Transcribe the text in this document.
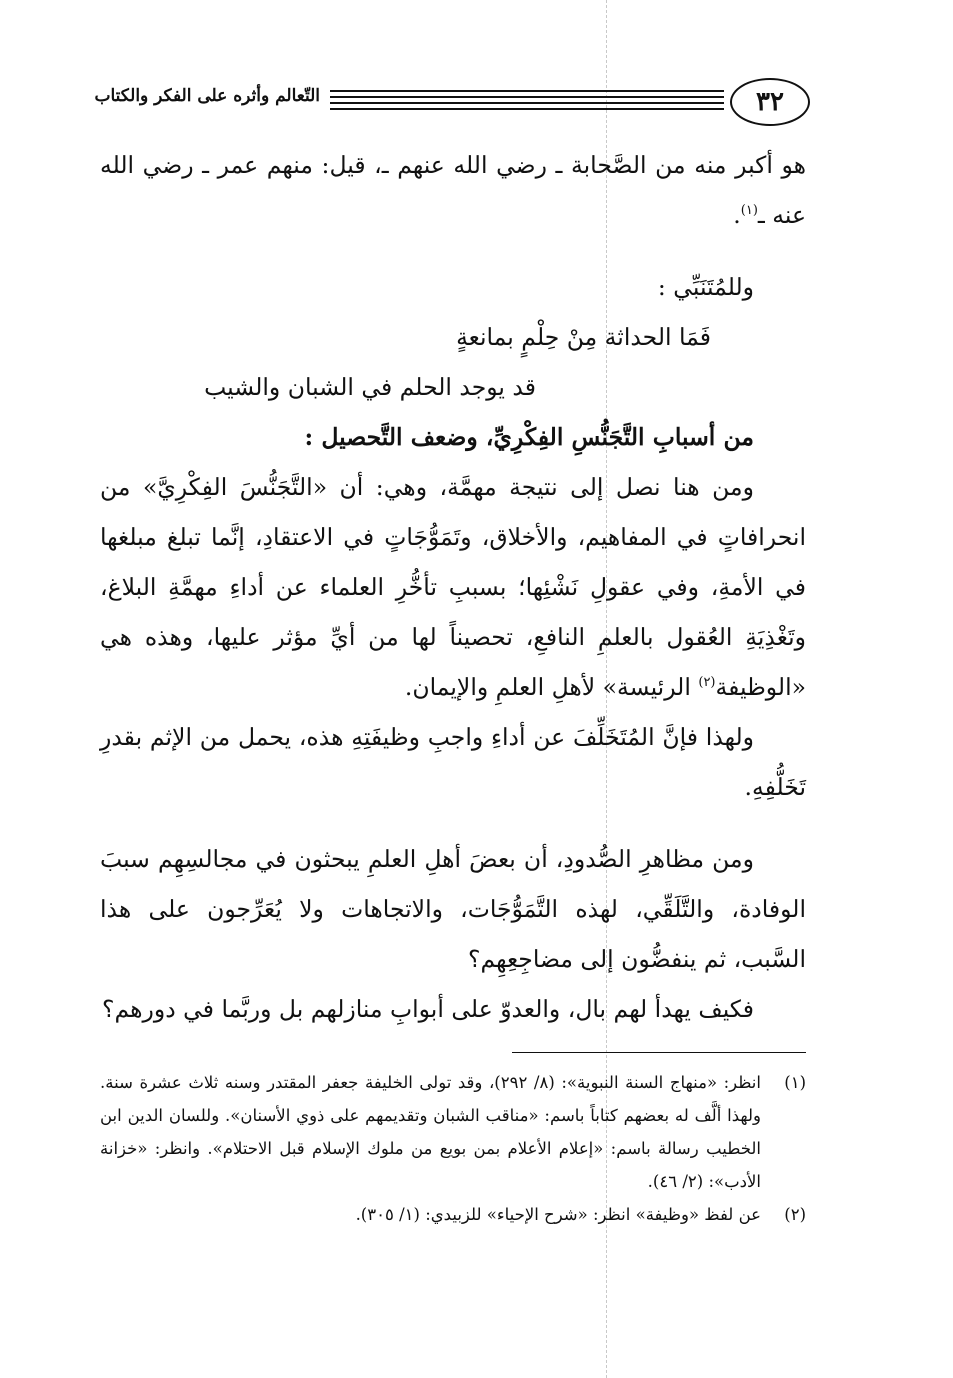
التّعالم وأثره على الفكر والكتاب	٣٢

هو أكبر منه من الصَّحابة ـ رضي الله عنهم ـ، قيل: منهم عمر ـ رضي الله عنه ـ$^{(١)}$.

وللمُتَنَبِّي :

فَمَا الحداثة مِنْ حِلْمٍ بمانعةٍ

قد يوجد الحلم في الشبان والشيب

من أسبابِ التَّجَنُّسِ الفِكْرِيِّ، وضعف التَّحصيل :

ومن هنا نصل إلى نتيجة مهمَّة، وهي: أن «التَّجَنُّسَ الفِكْرِيَّ» من انحرافاتٍ في المفاهيم، والأخلاق، وتَمَوُّجَاتٍ في الاعتقادِ، إنَّما تبلغ مبلغها في الأمةِ، وفي عقولِ نَشْئِها؛ بسببِ تأخُّرِ العلماء عن أداءِ مهمَّةِ البلاغ، وتَغْذِيَةِ العُقول بالعلمِ النافعِ، تحصيناً لها من أيِّ مؤثر عليها، وهذه هي «الوظيفة$^{(٢)}$ الرئيسة» لأهلِ العلمِ والإيمان.

ولهذا فإنَّ المُتَخَلِّفَ عن أداءِ واجبِ وظيفَتِهِ هذه، يحمل من الإثم بقدرِ تَخَلُّفِهِ.

ومن مظاهرِ الصُّدودِ، أن بعضَ أهلِ العلمِ يبحثون في مجالسِهِم سببَ الوفادة، والتَّلَقِّي، لهذه التَّمَوُّجَات، والاتجاهات ولا يُعَرِّجون على هذا السَّبب، ثم ينفضُّون إلى مضاجِعِهِم؟

فكيف يهدأ لهم بال، والعدوّ على أبوابِ منازلهم بل وربَّما في دورهم؟

(١)
انظر: «منهاج السنة النبوية»: (٨/ ٢٩٢)، وقد تولى الخليفة جعفر المقتدر وسنه ثلاث عشرة سنة. ولهذا ألَّف له بعضهم كتاباً باسم: «مناقب الشبان وتقديمهم على ذوي الأسنان». وللسان الدين ابن الخطيب رسالة باسم: «إعلام الأعلام بمن بويع من ملوك الإسلام قبل الاحتلام». وانظر: «خزانة الأدب»: (٢/ ٤٦).
(٢)
عن لفظ «وظيفة» انظر: «شرح الإحياء» للزبيدي: (١/ ٣٠٥).
